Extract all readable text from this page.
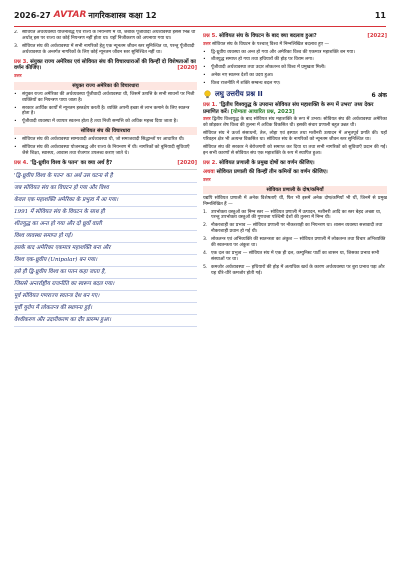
2026-27 AVTAR नागरिकशास्त्र कक्षा 12	11
2. सोवियत अर्थव्यवस्था योजनाबद्ध एवं राज्य के नियन्त्रण में थी, जबकि पूँजीवादी अर्थव्यवस्था इससे भिन्न थी अर्थात् इस पर राज्य का कोई नियन्त्रण नहीं होता था। यहाँ निजीकरण को अपनाया गया था।
3. सोवियत संघ की अर्थव्यवस्था में सभी नागरिकों हेतु एक न्यूनतम जीवन स्तर सुनिश्चित था, परन्तु पूँजीवादी अर्थव्यवस्था के अन्तर्गत नागरिकों के लिए कोई न्यूनतम जीवन स्तर सुनिश्चित नहीं था।
प्रश्न 3. संयुक्त राज्य अमेरिका एवं सोवियत संघ की विचारधाराओं की किन्हीं दो विशेषताओं का वर्णन कीजिए।	[2020]
उत्तर
संयुक्त राज्य अमेरिका की विचारधारा
•	संयुक्त राज्य अमेरिका की अर्थव्यवस्था पूँजीवादी अर्थव्यवस्था थी, जिसमें उत्पत्ति के सभी साधनों पर निजी व्यक्तियों का नियन्त्रण पाया जाता है।
•	सरकार आर्थिक कार्यों में न्यूनतम हस्तक्षेप करती है। व्यक्ति अपनी इच्छा से लाभ कमाने के लिए स्वतन्त्र होता है।
•	पूँजीवादी व्यवस्था में व्यापार स्वतन्त्र होता है तथा निजी सम्पत्ति को अधिक महत्त्व दिया जाता है।
सोवियत संघ की विचारधारा
•	सोवियत संघ की अर्थव्यवस्था साम्यवादी अर्थव्यवस्था थी, जो समाजवादी सिद्धान्तों पर आधारित थी।
•	सोवियत संघ की अर्थव्यवस्था योजनाबद्ध और राज्य के नियन्त्रण में थी। नागरिकों को बुनियादी सुविधाएँ जैसे शिक्षा, स्वास्थ्य, आवास तथा रोजगार उपलब्ध कराए जाते थे।
प्रश्न 4. 'द्वि-ध्रुवीय विश्व के पतन' का क्या अर्थ है?	[2020]
'द्वि-ध्रुवीय विश्व के पतन' का अर्थ उस घटना से है
जब सोवियत संघ का विघटन हो गया और विश्व
केवल एक महाशक्ति अमेरिका के प्रभुत्व में आ गया।
1991 में सोवियत संघ के विघटन के साथ ही
शीतयुद्ध का अन्त हो गया और दो ध्रुवों वाली
विश्व व्यवस्था समाप्त हो गई।
इसके बाद अमेरिका एकमात्र महाशक्ति बना और
विश्व एक-ध्रुवीय (Unipolar) बन गया।
इसे ही द्वि-ध्रुवीय विश्व का पतन कहा जाता है,
जिससे अन्तर्राष्ट्रीय राजनीति का स्वरूप बदल गया।
पूर्व सोवियत गणराज्य स्वतन्त्र देश बन गए।
पूर्वी यूरोप में लोकतन्त्र की स्थापना हुई।
वैश्वीकरण और उदारीकरण का दौर प्रारम्भ हुआ।
प्रश्न 5. सोवियत संघ के विघटन के बाद क्या बदलाव हुआ?	[2022]
उत्तर सोवियत संघ के विघटन के पश्चात् विश्व में निम्नलिखित बदलाव हुए —
•	द्वि-ध्रुवीय व्यवस्था का अन्त हो गया और अमेरिका विश्व की एकमात्र महाशक्ति बन गया।
•	शीतयुद्ध समाप्त हो गया तथा हथियारों की होड़ पर विराम लगा।
•	पूँजीवादी अर्थव्यवस्था तथा उदार लोकतन्त्र को विश्व में प्रमुखता मिली।
•	अनेक नए स्वतन्त्र देशों का उदय हुआ।
•	विश्व राजनीति में शक्ति सम्बन्ध बदल गए।
लघु उत्तरीय प्रश्न II	6 अंक
प्रश्न 1. 'द्वितीय विश्वयुद्ध के उपरान्त सोवियत संघ महाशक्ति के रूप में उभरा' तथ्य देकर प्रमाणित करें। [योग्यता आधारित प्रश्न, 2023]
उत्तर द्वितीय विश्वयुद्ध के बाद सोवियत संघ महाशक्ति के रूप में उभरा। सोवियत संघ की अर्थव्यवस्था अमेरिका को छोड़कर शेष विश्व की तुलना में अधिक विकसित थी। इसकी संचार प्रणाली बहुत उन्नत थी।
सोवियत संघ ने ऊर्जा संसाधनों, तेल, लोहा एवं इस्पात तथा मशीनरी उत्पादन में अभूतपूर्व प्रगति की। यहाँ परिवहन क्षेत्र भी अत्यन्त विकसित था। सोवियत संघ के नागरिकों को न्यूनतम जीवन स्तर सुनिश्चित था।
सोवियत संघ की सरकार ने बेरोजगारी को समाप्त कर दिया था तथा सभी नागरिकों को सुविधाएँ प्रदान की गईं। इन सभी कारणों से सोवियत संघ एक महाशक्ति के रूप में स्थापित हुआ।
प्रश्न 2. सोवियत प्रणाली के प्रमुख दोषों का वर्णन कीजिए।
अथवा सोवियत प्रणाली की किन्हीं तीन कमियों का वर्णन कीजिए।
उत्तर
सोवियत प्रणाली के दोष/कमियाँ
यद्यपि सोवियत प्रणाली में अनेक विशेषताएँ थीं, फिर भी इसमें अनेक दोष/कमियाँ भी थीं, जिनमें से प्रमुख निम्नलिखित हैं —
1. उपभोक्ता वस्तुओं का निम्न स्तर — सोवियत प्रणाली में उत्पादन, मशीनरी आदि का स्तर बेहद अच्छा था, परन्तु उपभोक्ता वस्तुओं की गुणवत्ता पश्चिमी देशों की तुलना में निम्न थी।
2. नौकरशाही का प्रभाव — सोवियत प्रणाली पर नौकरशाही का नियन्त्रण था। शासन व्यवस्था सत्तावादी तथा नौकरशाही प्रधान हो गई थी।
3. लोकतन्त्र एवं अभिव्यक्ति की स्वतन्त्रता का अंकुश — सोवियत प्रणाली में लोकतन्त्र तथा विचार अभिव्यक्ति की स्वतन्त्रता पर अंकुश था।
4. एक दल का प्रभुत्व — सोवियत संघ में एक ही दल, कम्युनिस्ट पार्टी का शासन था, जिसका प्रभाव सभी संस्थाओं पर था।
5. कमजोर अर्थव्यवस्था — हथियारों की होड़ में अत्यधिक खर्च के कारण अर्थव्यवस्था पर बुरा प्रभाव पड़ा और यह धीरे-धीरे कमजोर होती गई।
